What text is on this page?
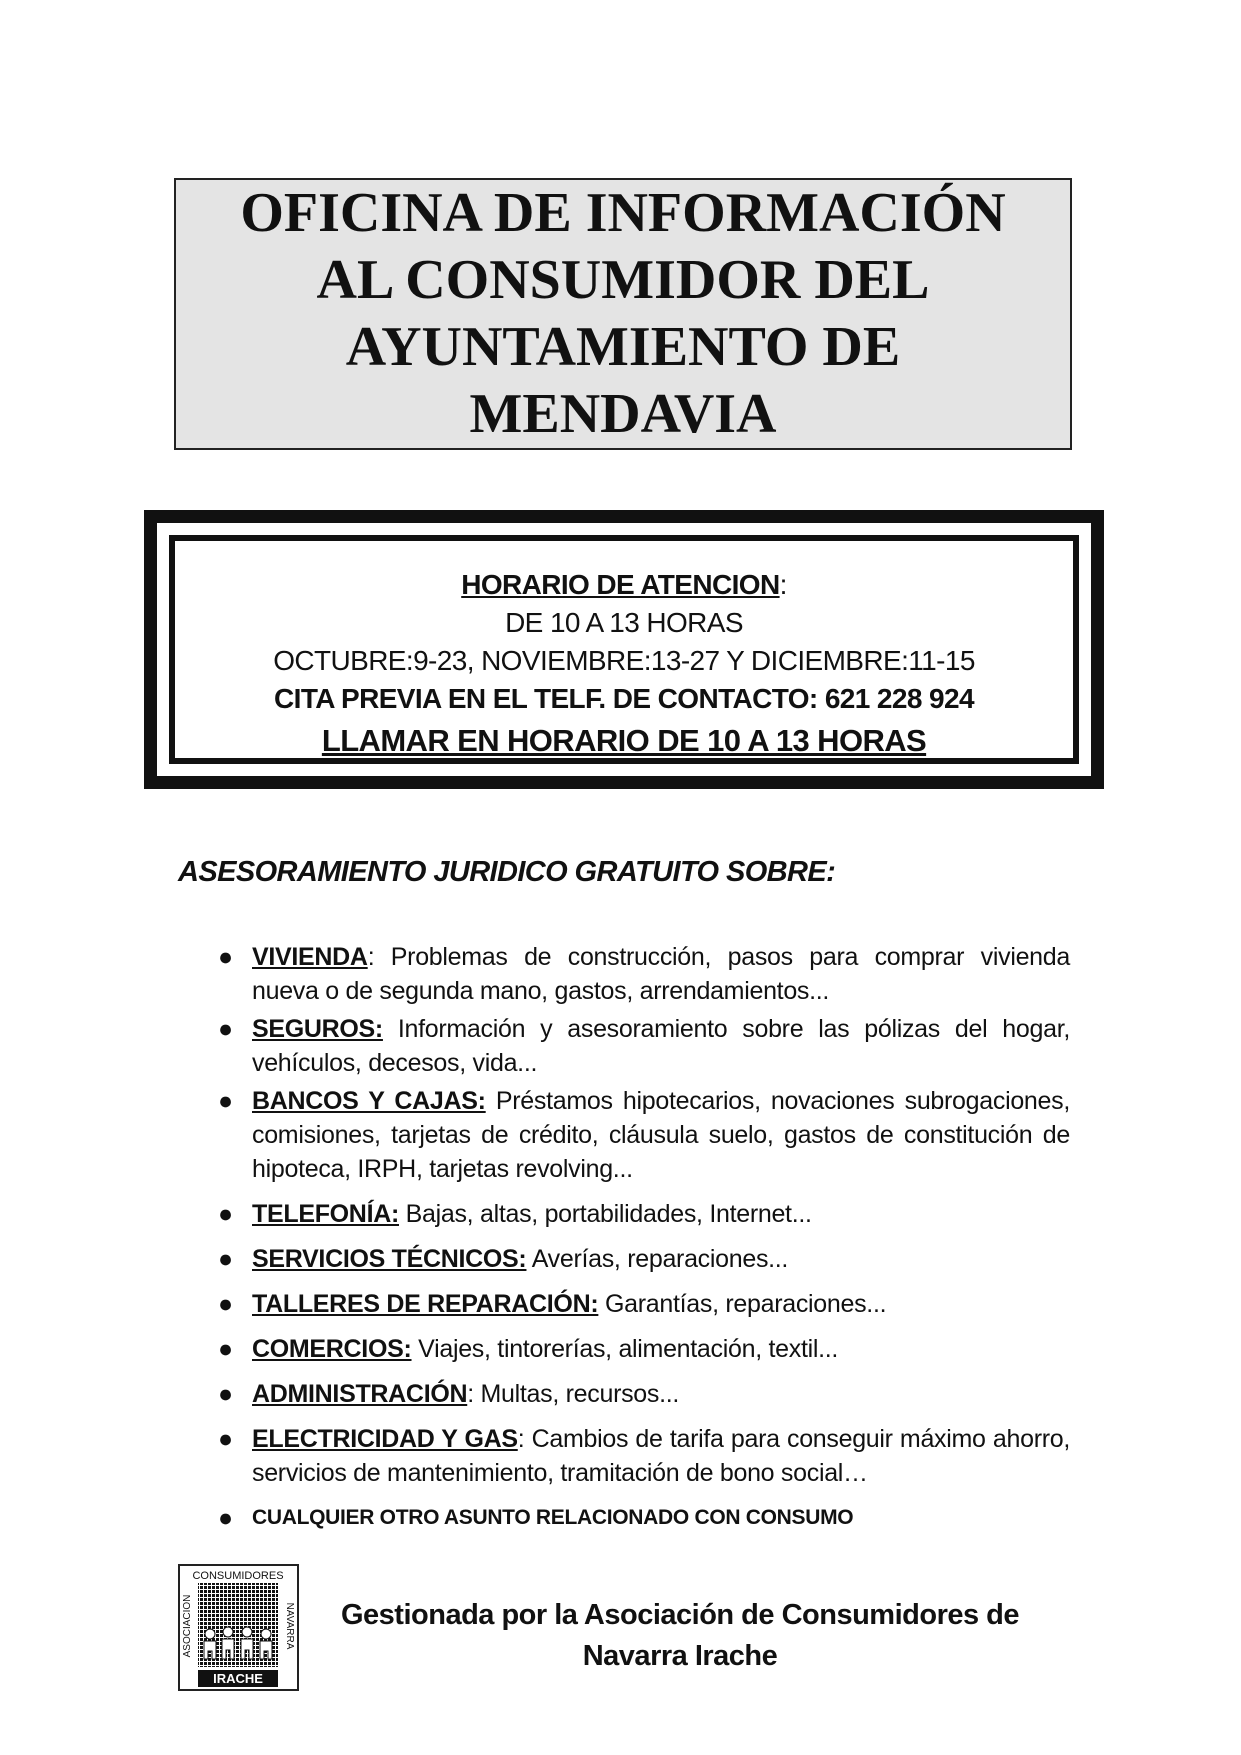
OFICINA DE INFORMACIÓN
AL CONSUMIDOR DEL
AYUNTAMIENTO DE
MENDAVIA
HORARIO DE ATENCION:
DE 10 A 13 HORAS
OCTUBRE:9-23, NOVIEMBRE:13-27 Y DICIEMBRE:11-15
CITA PREVIA EN EL TELF. DE CONTACTO: 621 228 924
LLAMAR EN HORARIO DE 10 A 13 HORAS
ASESORAMIENTO JURIDICO GRATUITO SOBRE:
● VIVIENDA: Problemas de construcción, pasos para comprar vivienda nueva o de segunda mano, gastos, arrendamientos...
● SEGUROS: Información y asesoramiento sobre las pólizas del hogar, vehículos, decesos, vida...
● BANCOS Y CAJAS: Préstamos hipotecarios, novaciones subrogaciones, comisiones, tarjetas de crédito, cláusula suelo, gastos de constitución de hipoteca, IRPH, tarjetas revolving...
● TELEFONÍA: Bajas, altas, portabilidades, Internet...
● SERVICIOS TÉCNICOS: Averías, reparaciones...
● TALLERES DE REPARACIÓN: Garantías, reparaciones...
● COMERCIOS: Viajes, tintorerías, alimentación, textil...
● ADMINISTRACIÓN: Multas, recursos...
● ELECTRICIDAD Y GAS: Cambios de tarifa para conseguir máximo ahorro, servicios de mantenimiento, tramitación de bono social…
● CUALQUIER OTRO ASUNTO RELACIONADO CON CONSUMO
CONSUMIDORES
ASOCIACION	NAVARRA
IRACHE
Gestionada por la Asociación de Consumidores de
Navarra Irache
